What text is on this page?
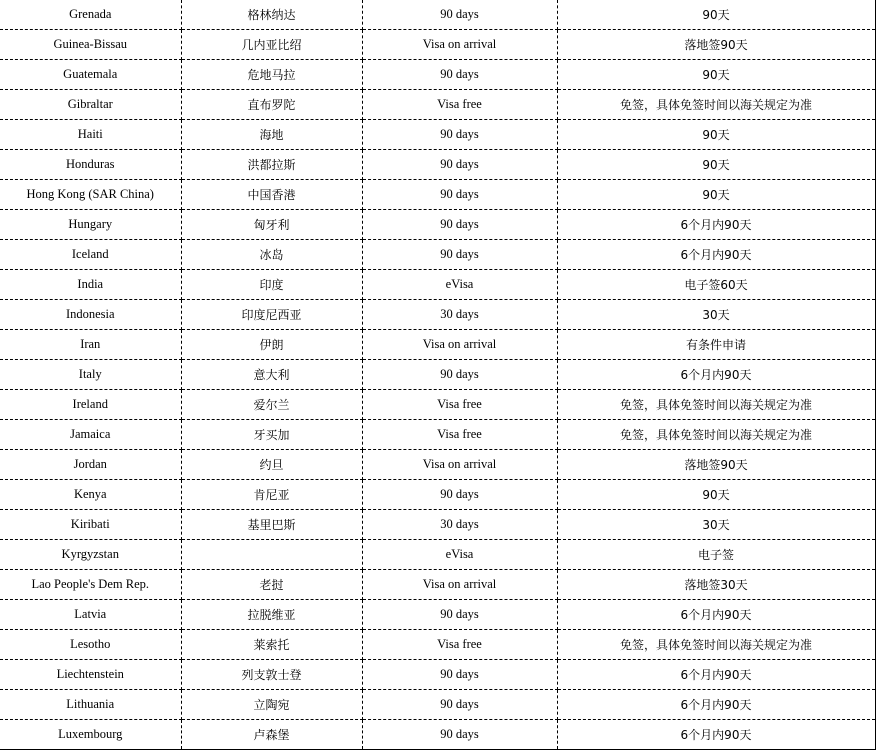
Grenada	格林纳达	90 days	90天
Guinea-Bissau	几内亚比绍	Visa on arrival	落地签90天
Guatemala	危地马拉	90 days	90天
Gibraltar	直布罗陀	Visa free	免签，具体免签时间以海关规定为准
Haiti	海地	90 days	90天
Honduras	洪都拉斯	90 days	90天
Hong Kong (SAR China)	中国香港	90 days	90天
Hungary	匈牙利	90 days	6个月内90天
Iceland	冰岛	90 days	6个月内90天
India	印度	eVisa	电子签60天
Indonesia	印度尼西亚	30 days	30天
Iran	伊朗	Visa on arrival	有条件申请
Italy	意大利	90 days	6个月内90天
Ireland	爱尔兰	Visa free	免签，具体免签时间以海关规定为准
Jamaica	牙买加	Visa free	免签，具体免签时间以海关规定为准
Jordan	约旦	Visa on arrival	落地签90天
Kenya	肯尼亚	90 days	90天
Kiribati	基里巴斯	30 days	30天
Kyrgyzstan		eVisa	电子签
Lao People's Dem Rep.	老挝	Visa on arrival	落地签30天
Latvia	拉脱维亚	90 days	6个月内90天
Lesotho	莱索托	Visa free	免签，具体免签时间以海关规定为准
Liechtenstein	列支敦士登	90 days	6个月内90天
Lithuania	立陶宛	90 days	6个月内90天
Luxembourg	卢森堡	90 days	6个月内90天
